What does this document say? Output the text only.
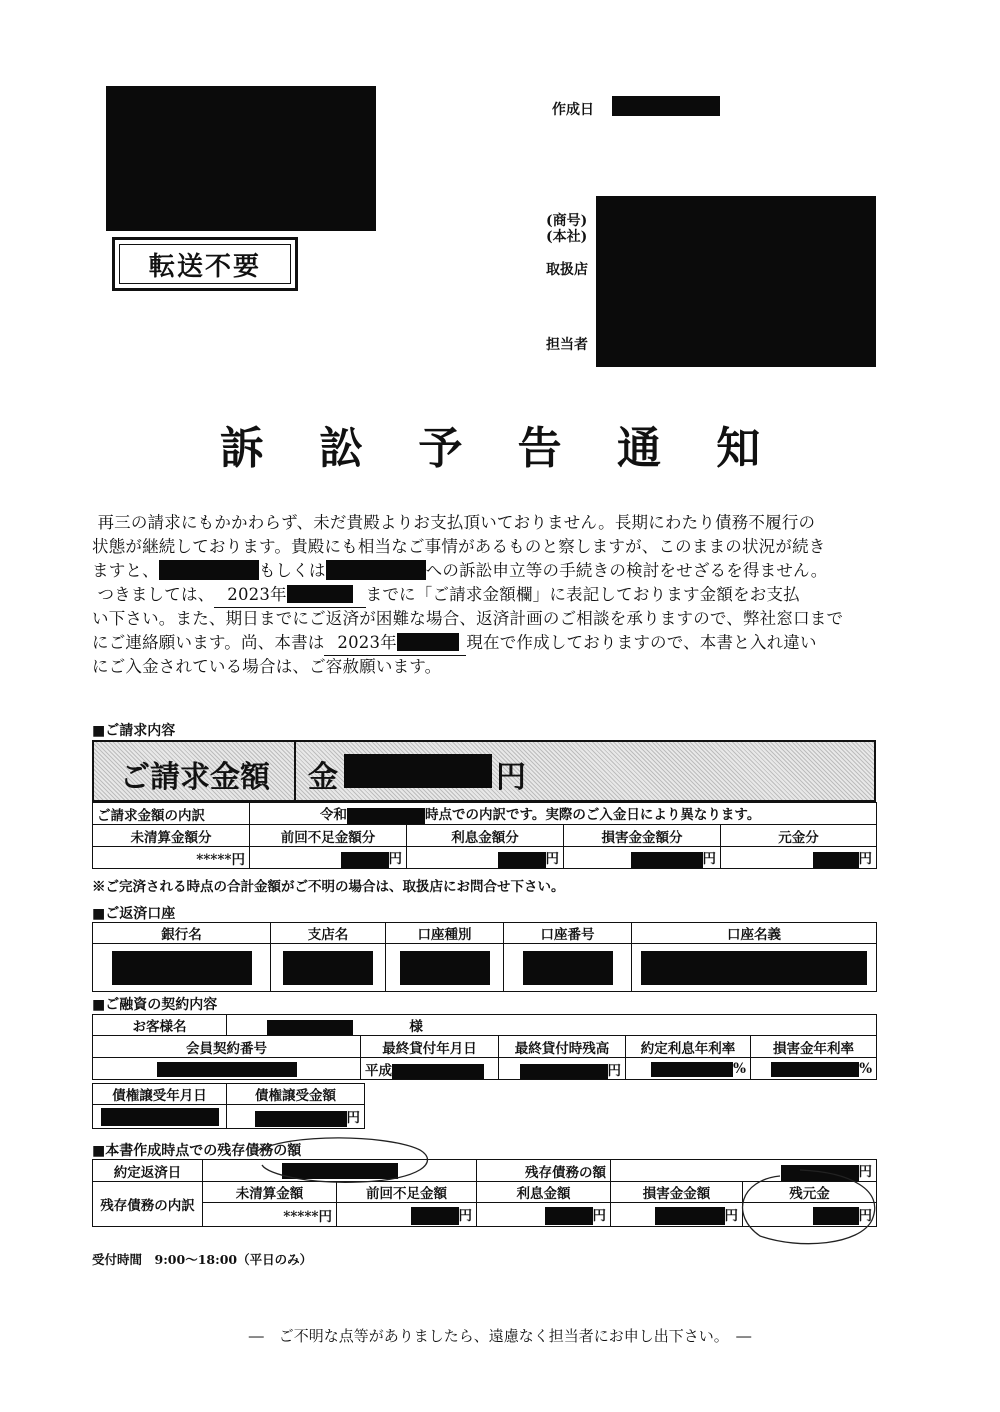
転送不要
作成日
(商号)
(本社)
取扱店
担当者
訴 訟 予 告 通 知
再三の請求にもかかわらず、未だ貴殿よりお支払頂いておりません。長期にわたり債務不履行の
状態が継続しております。貴殿にも相当なご事情があるものと察しますが、このままの状況が続き
ますと、	もしくは	への訴訟申立等の手続きの検討をせざるを得ません。
つきましては、 2023年	までに「ご請求金額欄」に表記しております金額をお支払
い下さい。また、期日までにご返済が困難な場合、返済計画のご相談を承りますので、弊社窓口まで
にご連絡願います。尚、本書は 2023年	現在で作成しておりますので、本書と入れ違い
にご入金されている場合は、ご容赦願います。
■ご請求内容
ご請求金額 金	円
ご請求金額の内訳	令和 時点での内訳です。実際のご入金日により異なります。			
未清算金額分	前回不足金額分	利息金額分	損害金金額分	元金分
*****円	円	円	円	円
※ご完済される時点の合計金額がご不明の場合は、取扱店にお問合せ下さい。
■ご返済口座
銀行名	支店名	口座種別	口座番号	口座名義

■ご融資の契約内容
お客様名	様				
会員契約番号		最終貸付年月日	最終貸付時残高	約定利息年利率	損害金年利率
		平成	円	%	%
債権譲受年月日	債権譲受金額
	円
■本書作成時点での残存債務の額
約定返済日			残存債務の額	円	
残存債務の内訳	未清算金額	前回不足金額	利息金額	損害金金額	残元金
	*****円	円	円	円	円
受付時間　9:00～18:00（平日のみ）
―　ご不明な点等がありましたら、遠慮なく担当者にお申し出下さい。　―
